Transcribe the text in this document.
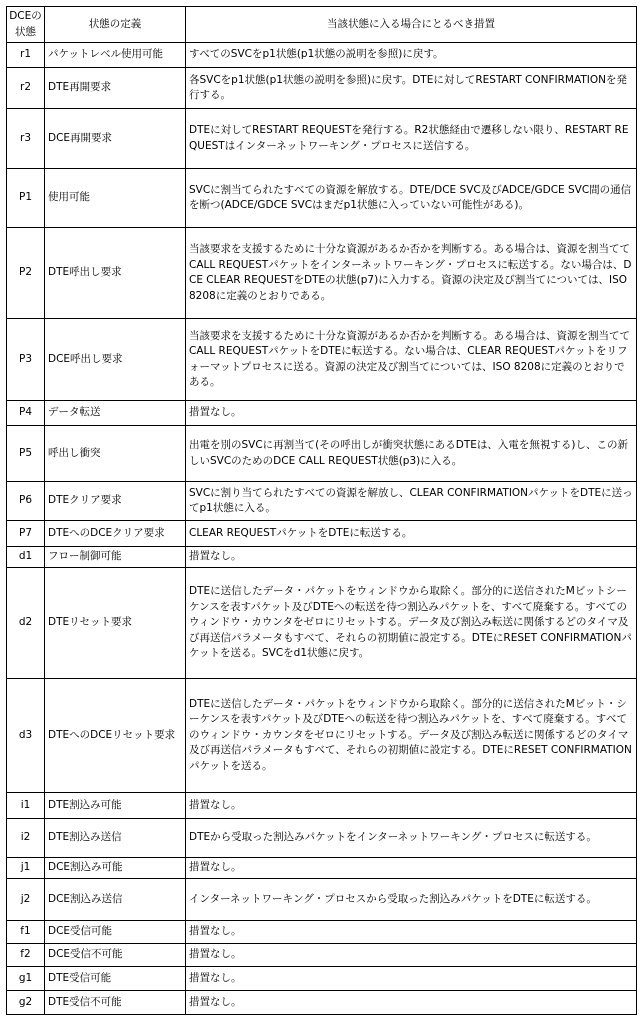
DCEの状態	状態の定義	当該状態に入る場合にとるべき措置
r1	パケットレベル使用可能	すべてのSVCをp1状態(p1状態の説明を参照)に戻す。
r2	DTE再開要求	各SVCをp1状態(p1状態の説明を参照)に戻す。DTEに対してRESTART CONFIRMATIONを発行する。
r3	DCE再開要求	DTEに対してRESTART REQUESTを発行する。R2状態経由で遷移しない限り、RESTART REQUESTはインターネットワーキング・プロセスに送信する。
P1	使用可能	SVCに割当てられたすべての資源を解放する。DTE/DCE SVC及びADCE/GDCE SVC間の通信を断つ(ADCE/GDCE SVCはまだp1状態に入っていない可能性がある)。
P2	DTE呼出し要求	当該要求を支援するために十分な資源があるか否かを判断する。ある場合は、資源を割当ててCALL REQUESTパケットをインターネットワーキング・プロセスに転送する。ない場合は、DCE CLEAR REQUESTをDTEの状態(p7)に入力する。資源の決定及び割当てについては、ISO 8208に定義のとおりである。
P3	DCE呼出し要求	当該要求を支援するために十分な資源があるか否かを判断する。ある場合は、資源を割当ててCALL REQUESTパケットをDTEに転送する。ない場合は、CLEAR REQUESTパケットをリフォーマットプロセスに送る。資源の決定及び割当てについては、ISO 8208に定義のとおりである。
P4	データ転送	措置なし。
P5	呼出し衝突	出電を別のSVCに再割当て(その呼出しが衝突状態にあるDTEは、入電を無視する)し、この新しいSVCのためのDCE CALL REQUEST状態(p3)に入る。
P6	DTEクリア要求	SVCに割り当てられたすべての資源を解放し、CLEAR CONFIRMATIONパケットをDTEに送ってp1状態に入る。
P7	DTEへのDCEクリア要求	CLEAR REQUESTパケットをDTEに転送する。
d1	フロー制御可能	措置なし。
d2	DTEリセット要求	DTEに送信したデータ・パケットをウィンドウから取除く。部分的に送信されたMビットシーケンスを表すパケット及びDTEへの転送を待つ割込みパケットを、すべて廃棄する。すべてのウィンドウ・カウンタをゼロにリセットする。データ及び割込み転送に関係するどのタイマ及び再送信パラメータもすべて、それらの初期値に設定する。DTEにRESET CONFIRMATIONパケットを送る。SVCをd1状態に戻す。
d3	DTEへのDCEリセット要求	DTEに送信したデータ・パケットをウィンドウから取除く。部分的に送信されたMビット・シーケンスを表すパケット及びDTEへの転送を待つ割込みパケットを、すべて廃棄する。すべてのウィンドウ・カウンタをゼロにリセットする。データ及び割込み転送に関係するどのタイマ及び再送信パラメータもすべて、それらの初期値に設定する。DTEにRESET CONFIRMATIONパケットを送る。
i1	DTE割込み可能	措置なし。
i2	DTE割込み送信	DTEから受取った割込みパケットをインターネットワーキング・プロセスに転送する。
j1	DCE割込み可能	措置なし。
j2	DCE割込み送信	インターネットワーキング・プロセスから受取った割込みパケットをDTEに転送する。
f1	DCE受信可能	措置なし。
f2	DCE受信不可能	措置なし。
g1	DTE受信可能	措置なし。
g2	DTE受信不可能	措置なし。
